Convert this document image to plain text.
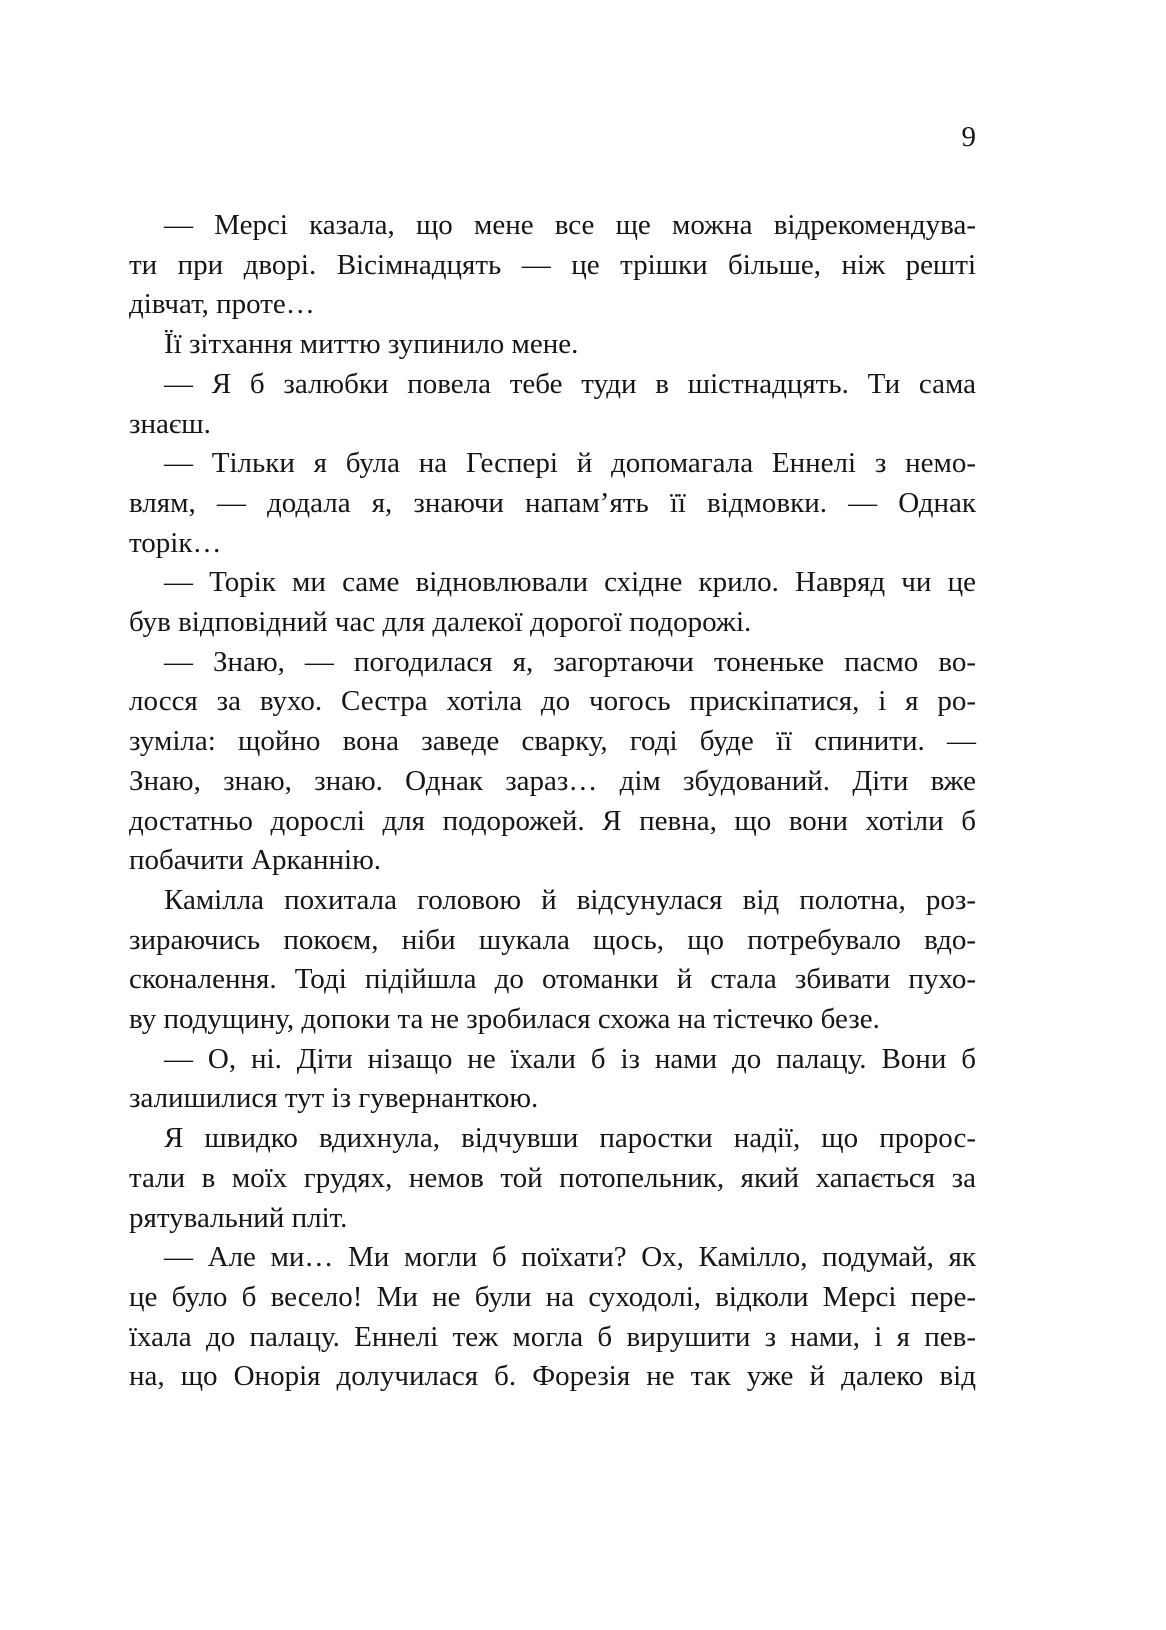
9

— Мерсі казала, що мене все ще можна відрекомендува-
ти при дворі. Вісімнадцять — це трішки більше, ніж решті
дівчат, проте…

Її зітхання миттю зупинило мене.

— Я б залюбки повела тебе туди в шістнадцять. Ти сама
знаєш.

— Тільки я була на Геспері й допомагала Еннелі з немо-
влям, — додала я, знаючи напам’ять її відмовки. — Однак
торік…

— Торік ми саме відновлювали східне крило. Навряд чи це
був відповідний час для далекої дорогої подорожі.

— Знаю, — погодилася я, загортаючи тоненьке пасмо во-
лосся за вухо. Сестра хотіла до чогось прискіпатися, і я ро-
зуміла: щойно вона заведе сварку, годі буде її спинити. —
Знаю, знаю, знаю. Однак зараз… дім збудований. Діти вже
достатньо дорослі для подорожей. Я певна, що вони хотіли б
побачити Арканнію.

Камілла похитала головою й відсунулася від полотна, роз-
зираючись покоєм, ніби шукала щось, що потребувало вдо-
сконалення. Тоді підійшла до отоманки й стала збивати пухо-
ву подущину, допоки та не зробилася схожа на тістечко безе.

— О, ні. Діти нізащо не їхали б із нами до палацу. Вони б
залишилися тут із гувернанткою.

Я швидко вдихнула, відчувши паростки надії, що пророс-
тали в моїх грудях, немов той потопельник, який хапається за
рятувальний пліт.

— Але ми… Ми могли б поїхати? Ох, Камілло, подумай, як
це було б весело! Ми не були на суходолі, відколи Мерсі пере-
їхала до палацу. Еннелі теж могла б вирушити з нами, і я пев-
на, що Онорія долучилася б. Форезія не так уже й далеко від
